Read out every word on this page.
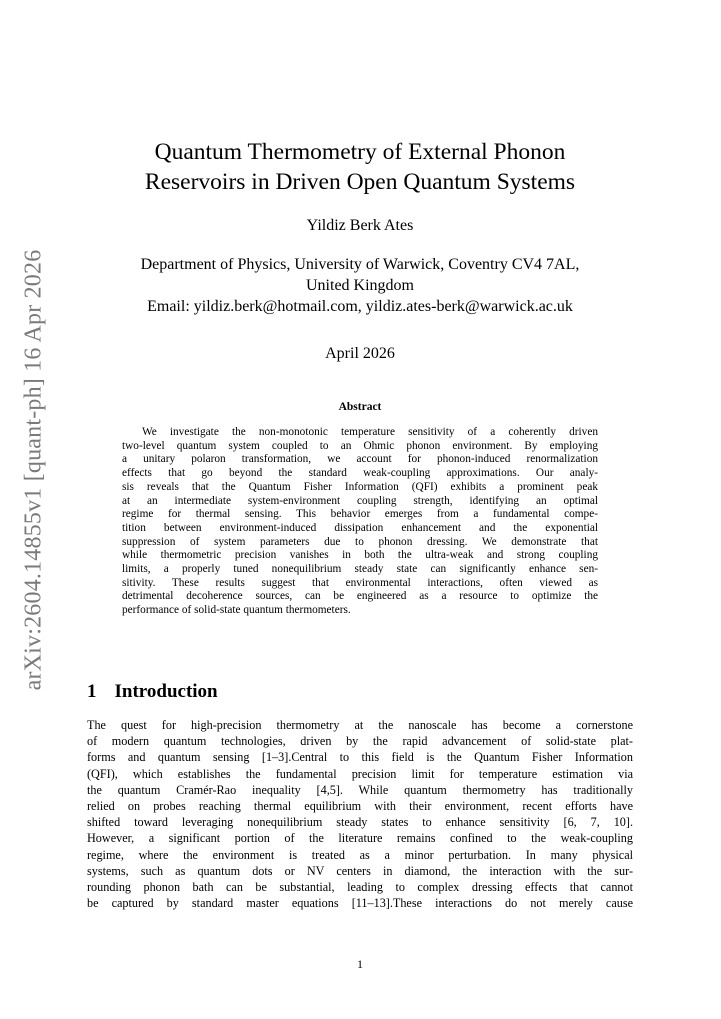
arXiv:2604.14855v1 [quant-ph] 16 Apr 2026
Quantum Thermometry of External Phonon
Reservoirs in Driven Open Quantum Systems
Yildiz Berk Ates
Department of Physics, University of Warwick, Coventry CV4 7AL,
United Kingdom
Email: yildiz.berk@hotmail.com, yildiz.ates-berk@warwick.ac.uk
April 2026
Abstract
We investigate the non-monotonic temperature sensitivity of a coherently driven
two-level quantum system coupled to an Ohmic phonon environment. By employing
a unitary polaron transformation, we account for phonon-induced renormalization
effects that go beyond the standard weak-coupling approximations. Our analy-
sis reveals that the Quantum Fisher Information (QFI) exhibits a prominent peak
at an intermediate system-environment coupling strength, identifying an optimal
regime for thermal sensing. This behavior emerges from a fundamental compe-
tition between environment-induced dissipation enhancement and the exponential
suppression of system parameters due to phonon dressing. We demonstrate that
while thermometric precision vanishes in both the ultra-weak and strong coupling
limits, a properly tuned nonequilibrium steady state can significantly enhance sen-
sitivity. These results suggest that environmental interactions, often viewed as
detrimental decoherence sources, can be engineered as a resource to optimize the
performance of solid-state quantum thermometers.
1 Introduction
The quest for high-precision thermometry at the nanoscale has become a cornerstone
of modern quantum technologies, driven by the rapid advancement of solid-state plat-
forms and quantum sensing [1–3].Central to this field is the Quantum Fisher Information
(QFI), which establishes the fundamental precision limit for temperature estimation via
the quantum Cramér-Rao inequality [4,5]. While quantum thermometry has traditionally
relied on probes reaching thermal equilibrium with their environment, recent efforts have
shifted toward leveraging nonequilibrium steady states to enhance sensitivity [6, 7, 10].
However, a significant portion of the literature remains confined to the weak-coupling
regime, where the environment is treated as a minor perturbation. In many physical
systems, such as quantum dots or NV centers in diamond, the interaction with the sur-
rounding phonon bath can be substantial, leading to complex dressing effects that cannot
be captured by standard master equations [11–13].These interactions do not merely cause
1
